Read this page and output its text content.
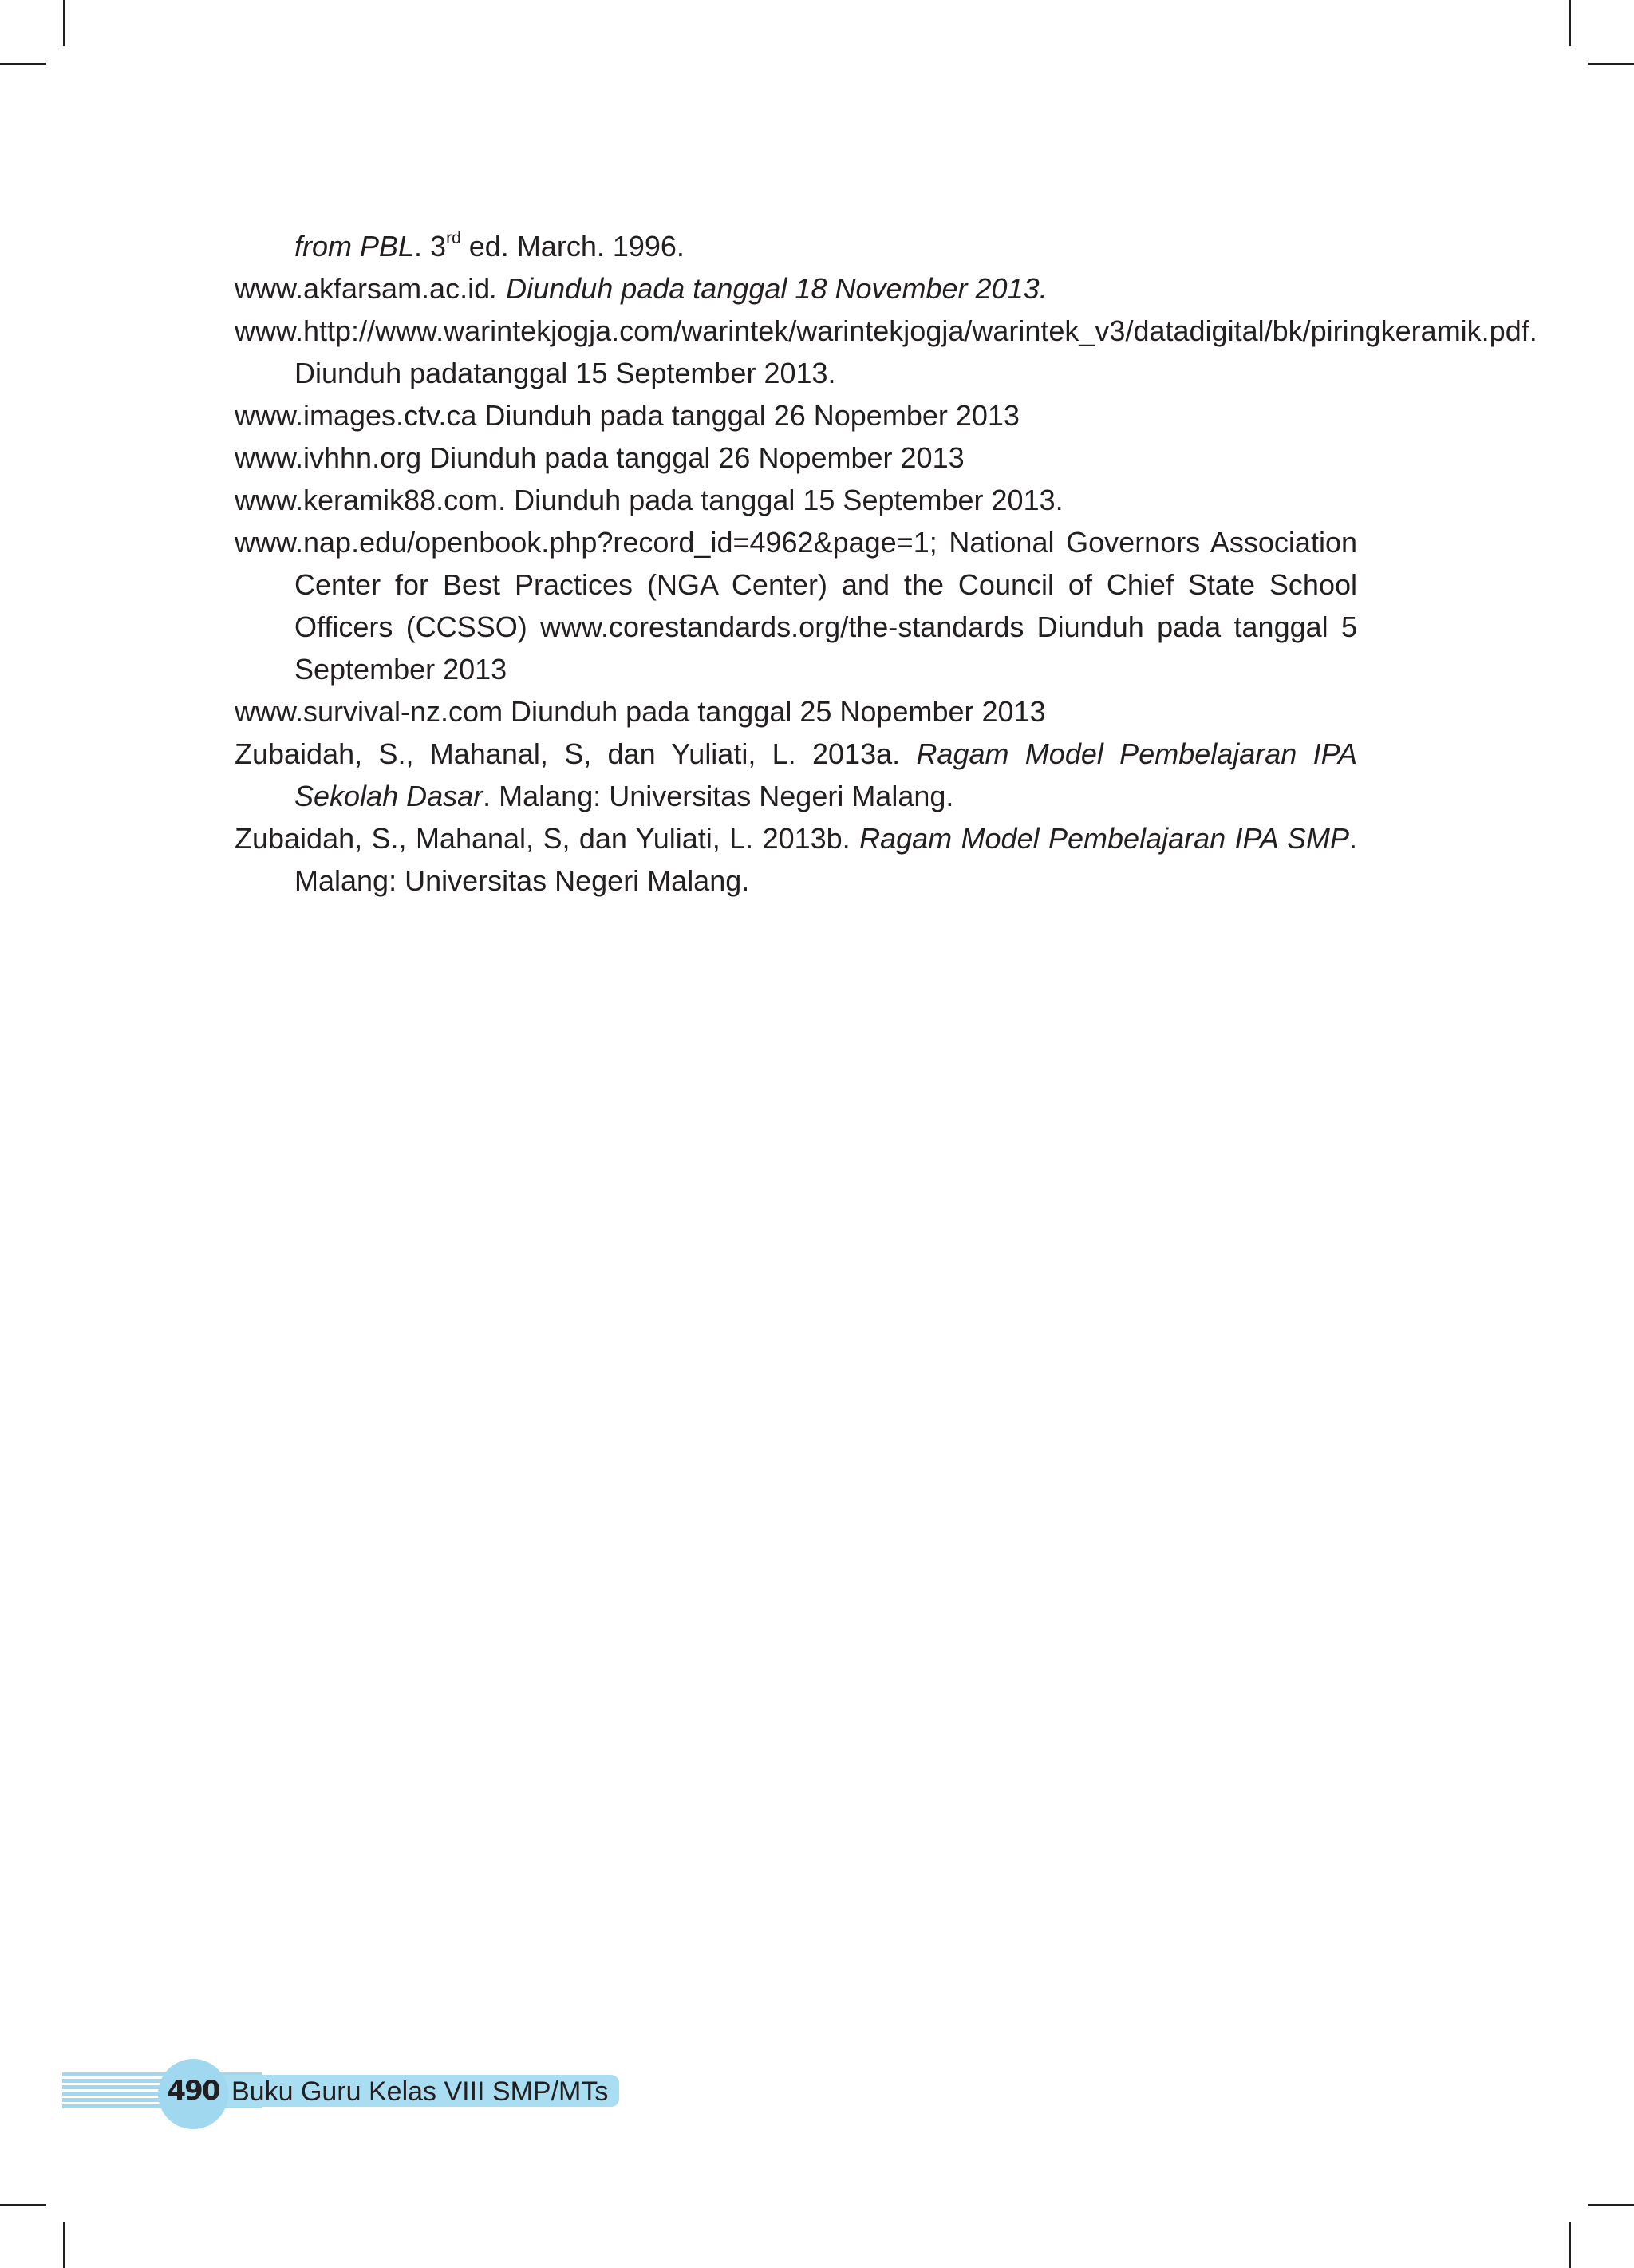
from PBL. 3rd ed. March. 1996.
www.akfarsam.ac.id. Diunduh pada tanggal 18 November 2013.
www.http://www.warintekjogja.com/warintek/warintekjogja/warintek_v3/datadigital/bk/piringkeramik.pdf. Diunduh padatanggal 15 September 2013.
www.images.ctv.ca Diunduh pada tanggal 26 Nopember 2013
www.ivhhn.org Diunduh pada tanggal 26 Nopember 2013
www.keramik88.com. Diunduh pada tanggal 15 September 2013.
www.nap.edu/openbook.php?record_id=4962&page=1; National Governors Association Center for Best Practices (NGA Center) and the Council of Chief State School Officers (CCSSO) www.corestandards.org/the-standards Diunduh pada tanggal 5 September 2013
www.survival-nz.com Diunduh pada tanggal 25 Nopember 2013
Zubaidah, S., Mahanal, S, dan Yuliati, L. 2013a. Ragam Model Pembelajaran IPA Sekolah Dasar. Malang: Universitas Negeri Malang.
Zubaidah, S., Mahanal, S, dan Yuliati, L. 2013b. Ragam Model Pembelajaran IPA SMP. Malang: Universitas Negeri Malang.
490 Buku Guru Kelas VIII SMP/MTs
